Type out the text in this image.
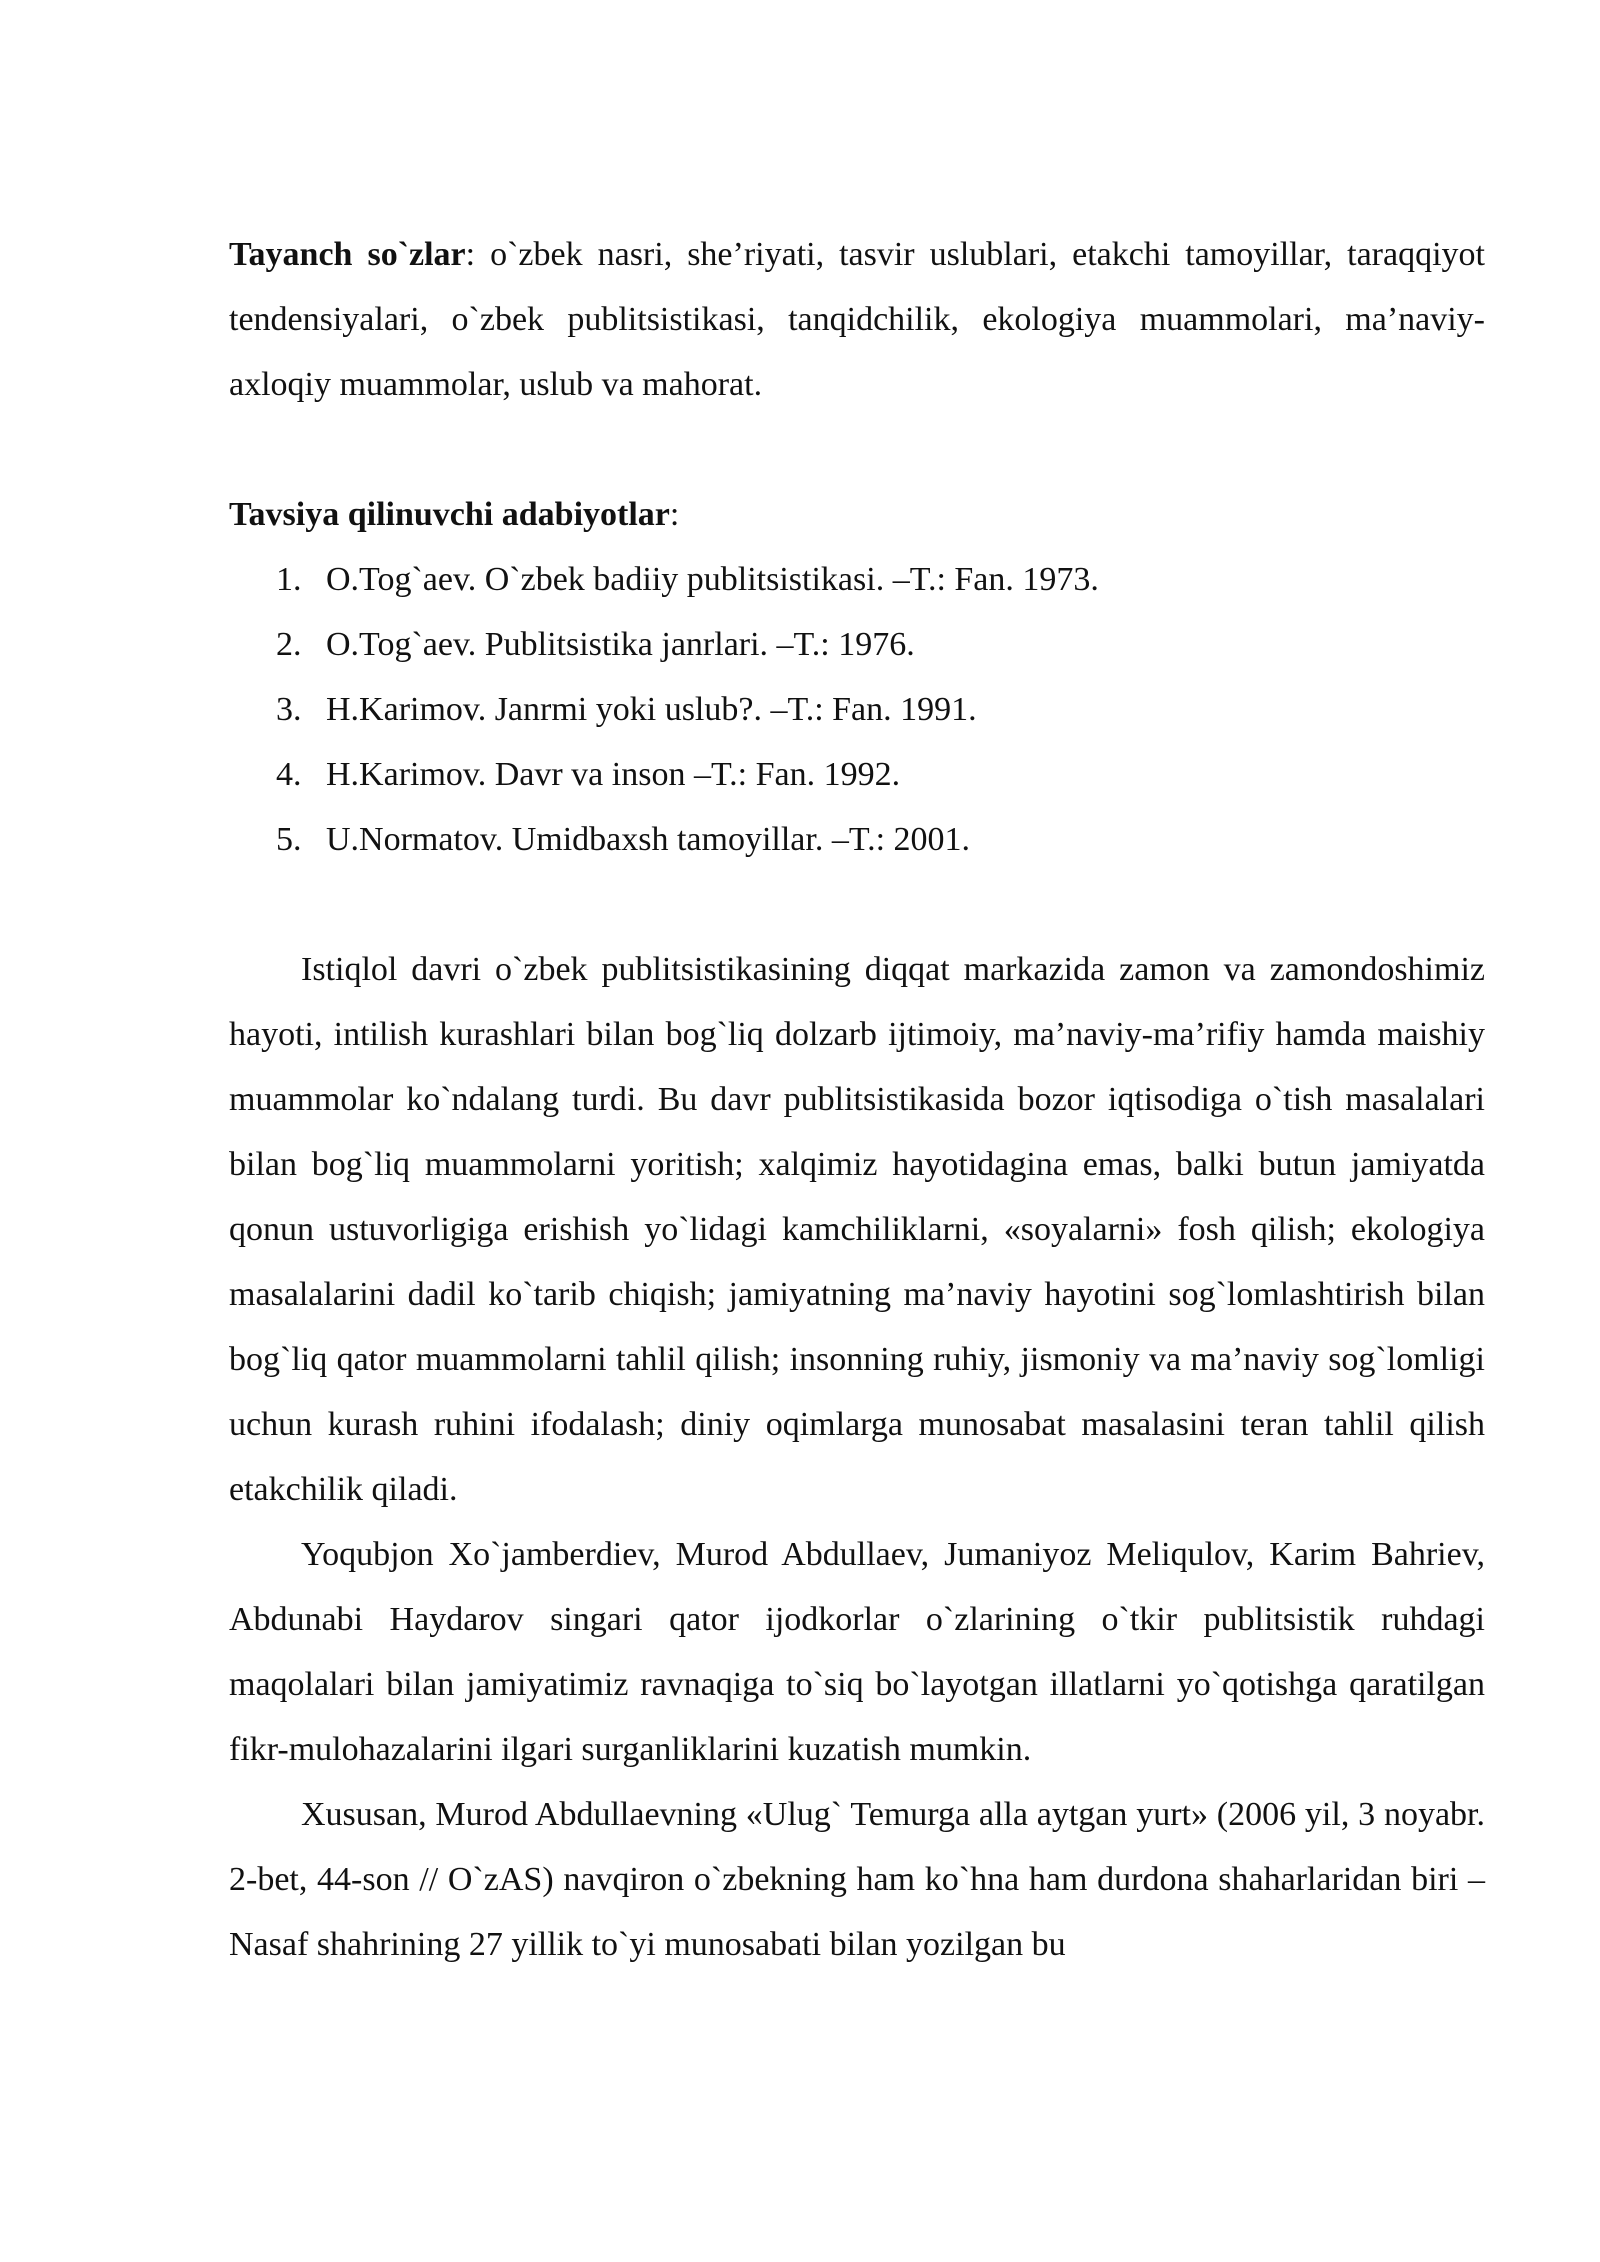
Tayanch so`zlar: o`zbek nasri, she’riyati, tasvir uslublari, etakchi tamoyillar, taraqqiyot tendensiyalari, o`zbek publitsistikasi, tanqidchilik, ekologiya muammolari, ma’naviy-axloqiy muammolar, uslub va mahorat.

Tavsiya qilinuvchi adabiyotlar:
1. O.Tog`aev. O`zbek badiiy publitsistikasi. –T.: Fan. 1973.
2. O.Tog`aev. Publitsistika janrlari. –T.: 1976.
3. H.Karimov. Janrmi yoki uslub?. –T.: Fan. 1991.
4. H.Karimov. Davr va inson –T.: Fan. 1992.
5. U.Normatov. Umidbaxsh tamoyillar. –T.: 2001.

Istiqlol davri o`zbek publitsistikasining diqqat markazida zamon va zamondoshimiz hayoti, intilish kurashlari bilan bog`liq dolzarb ijtimoiy, ma’naviy-ma’rifiy hamda maishiy muammolar ko`ndalang turdi. Bu davr publitsistikasida bozor iqtisodiga o`tish masalalari bilan bog`liq muammolarni yoritish; xalqimiz hayotidagina emas, balki butun jamiyatda qonun ustuvorligiga erishish yo`lidagi kamchiliklarni, «soyalarni» fosh qilish; ekologiya masalalarini dadil ko`tarib chiqish; jamiyatning ma’naviy hayotini sog`lomlashtirish bilan bog`liq qator muammolarni tahlil qilish; insonning ruhiy, jismoniy va ma’naviy sog`lomligi uchun kurash ruhini ifodalash; diniy oqimlarga munosabat masalasini teran tahlil qilish etakchilik qiladi.

Yoqubjon Xo`jamberdiev, Murod Abdullaev, Jumaniyoz Meliqulov, Karim Bahriev, Abdunabi Haydarov singari qator ijodkorlar o`zlarining o`tkir publitsistik ruhdagi maqolalari bilan jamiyatimiz ravnaqiga to`siq bo`layotgan illatlarni yo`qotishga qaratilgan fikr-mulohazalarini ilgari surganliklarini kuzatish mumkin.

Xususan, Murod Abdullaevning «Ulug` Temurga alla aytgan yurt» (2006 yil, 3 noyabr. 2-bet, 44-son // O`zAS) navqiron o`zbekning ham ko`hna ham durdona shaharlaridan biri – Nasaf shahrining 27 yillik to`yi munosabati bilan yozilgan bu
